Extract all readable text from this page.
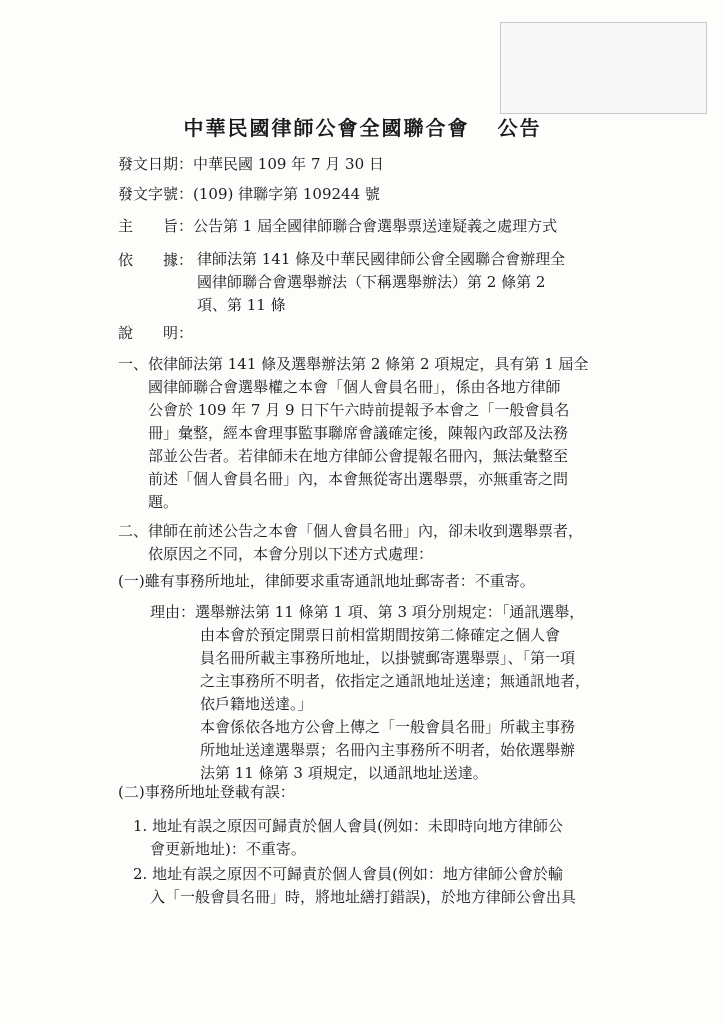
中華民國律師公會全國聯合會 公告
發文日期：中華民國 109 年 7 月 30 日
發文字號：(109) 律聯字第 109244 號
主　　旨：公告第 1 屆全國律師聯合會選舉票送達疑義之處理方式
依　　據： 律師法第 141 條及中華民國律師公會全國聯合會辦理全
國律師聯合會選舉辦法（下稱選舉辦法）第 2 條第 2
項、第 11 條
說　　明：
一、依律師法第 141 條及選舉辦法第 2 條第 2 項規定，具有第 1 屆全
國律師聯合會選舉權之本會「個人會員名冊」，係由各地方律師
公會於 109 年 7 月 9 日下午六時前提報予本會之「一般會員名
冊」彙整，經本會理事監事聯席會議確定後，陳報內政部及法務
部並公告者。若律師未在地方律師公會提報名冊內，無法彙整至
前述「個人會員名冊」內，本會無從寄出選舉票，亦無重寄之問
題。
二、律師在前述公告之本會「個人會員名冊」內，卻未收到選舉票者，
依原因之不同，本會分別以下述方式處理：
(一)雖有事務所地址，律師要求重寄通訊地址郵寄者：不重寄。
理由：選舉辦法第 11 條第 1 項、第 3 項分別規定：「通訊選舉，
由本會於預定開票日前相當期間按第二條確定之個人會
員名冊所載主事務所地址，以掛號郵寄選舉票」、「第一項
之主事務所不明者，依指定之通訊地址送達；無通訊地者，
依戶籍地送達。」
本會係依各地方公會上傳之「一般會員名冊」所載主事務
所地址送達選舉票；名冊內主事務所不明者，始依選舉辦
法第 11 條第 3 項規定，以通訊地址送達。
(二)事務所地址登載有誤：
1. 地址有誤之原因可歸責於個人會員(例如：未即時向地方律師公
會更新地址)：不重寄。
2. 地址有誤之原因不可歸責於個人會員(例如：地方律師公會於輸
入「一般會員名冊」時，將地址繕打錯誤)，於地方律師公會出具
